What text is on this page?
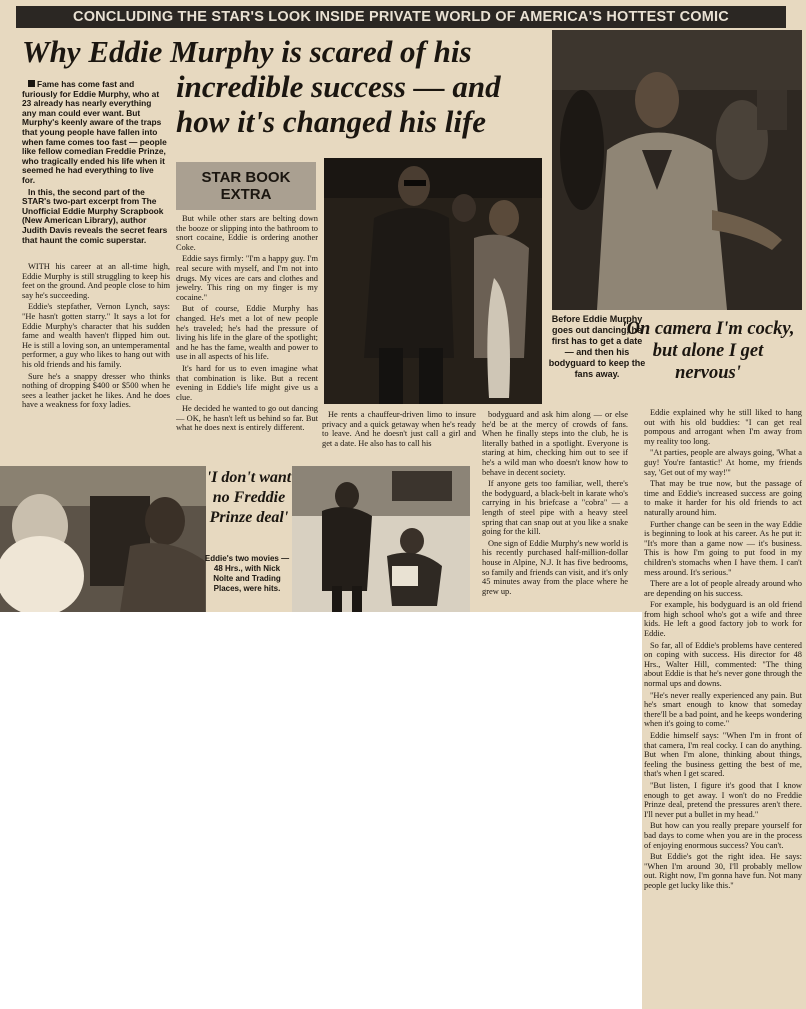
CONCLUDING THE STAR'S LOOK INSIDE PRIVATE WORLD OF AMERICA'S HOTTEST COMIC
Why Eddie Murphy is scared of his
incredible success — and
how it's changed his life

Fame has come fast and furiously for Eddie Murphy, who at 23 already has nearly everything any man could ever want. But Murphy's keenly aware of the traps that young people have fallen into when fame comes too fast — people like fellow comedian Freddie Prinze, who tragically ended his life when it seemed he had everything to live for.

In this, the second part of the STAR's two-part excerpt from The Unofficial Eddie Murphy Scrapbook (New American Library), author Judith Davis reveals the secret fears that haunt the comic superstar.

STAR BOOK
EXTRA

WITH his career at an all-time high, Eddie Murphy is still struggling to keep his feet on the ground. And people close to him say he's succeeding.

Eddie's stepfather, Vernon Lynch, says: "He hasn't gotten starry." It says a lot for Eddie Murphy's character that his sudden fame and wealth haven't flipped him out. He is still a loving son, an untemperamental performer, a guy who likes to hang out with his old friends and his family.

Sure he's a snappy dresser who thinks nothing of dropping $400 or $500 when he sees a leather jacket he likes. And he does have a weakness for foxy ladies.

But while other stars are belting down the booze or slipping into the bathroom to snort cocaine, Eddie is ordering another Coke.

Eddie says firmly: "I'm a happy guy. I'm real secure with myself, and I'm not into drugs. My vices are cars and clothes and jewelry. This ring on my finger is my cocaine."

But of course, Eddie Murphy has changed. He's met a lot of new people he's traveled; he's had the pressure of living his life in the glare of the spotlight; and he has the fame, wealth and power to use in all aspects of his life.

It's hard for us to even imagine what that combination is like. But a recent evening in Eddie's life might give us a clue.

He decided he wanted to go out dancing — OK, he hasn't left us behind so far. But what he does next is entirely different.

He rents a chauffeur-driven limo to insure privacy and a quick getaway when he's ready to leave. And he doesn't just call a girl and get a date. He also has to call his

bodyguard and ask him along — or else he'd be at the mercy of crowds of fans. When he finally steps into the club, he is literally bathed in a spotlight. Everyone is staring at him, checking him out to see if he's a wild man who doesn't know how to behave in decent society.

If anyone gets too familiar, well, there's the bodyguard, a black-belt in karate who's carrying in his briefcase a "cobra" — a length of steel pipe with a heavy steel spring that can snap out at you like a snake going for the kill.

One sign of Eddie Murphy's new world is his recently purchased half-million-dollar house in Alpine, N.J. It has five bedrooms, so family and friends can visit, and it's only 45 minutes away from the place where he grew up.

Eddie explained why he still liked to hang out with his old buddies: "I can get real pompous and arrogant when I'm away from my reality too long.

"At parties, people are always going, 'What a guy! You're fantastic!' At home, my friends say, 'Get out of my way!'"

That may be true now, but the passage of time and Eddie's increased success are going to make it harder for his old friends to act naturally around him.

Further change can be seen in the way Eddie is beginning to look at his career. As he put it: "It's more than a game now — it's business. This is how I'm going to put food in my children's stomachs when I have them. I can't mess around. It's serious."

There are a lot of people already around who are depending on his success.

For example, his bodyguard is an old friend from high school who's got a wife and three kids. He left a good factory job to work for Eddie.

So far, all of Eddie's problems have centered on coping with success. His director for 48 Hrs., Walter Hill, commented: "The thing about Eddie is that he's never gone through the normal ups and downs.

"He's never really experienced any pain. But he's smart enough to know that someday there'll be a bad point, and he keeps wondering when it's going to come."

Eddie himself says: "When I'm in front of that camera, I'm real cocky. I can do anything. But when I'm alone, thinking about things, feeling the business getting the best of me, that's when I get scared.

"But listen, I figure it's good that I know enough to get away. I won't do no Freddie Prinze deal, pretend the pressures aren't there. I'll never put a bullet in my head."

But how can you really prepare yourself for bad days to come when you are in the process of enjoying enormous success? You can't.

But Eddie's got the right idea. He says: "When I'm around 30, I'll probably mellow out. Right now, I'm gonna have fun. Not many people get lucky like this."

Before Eddie Murphy goes out dancing, he first has to get a date — and then his bodyguard to keep the fans away.
'On camera I'm cocky, but alone I get nervous'
'I don't want no Freddie Prinze deal'
Eddie's two movies — 48 Hrs., with Nick Nolte and Trading Places, were hits.
